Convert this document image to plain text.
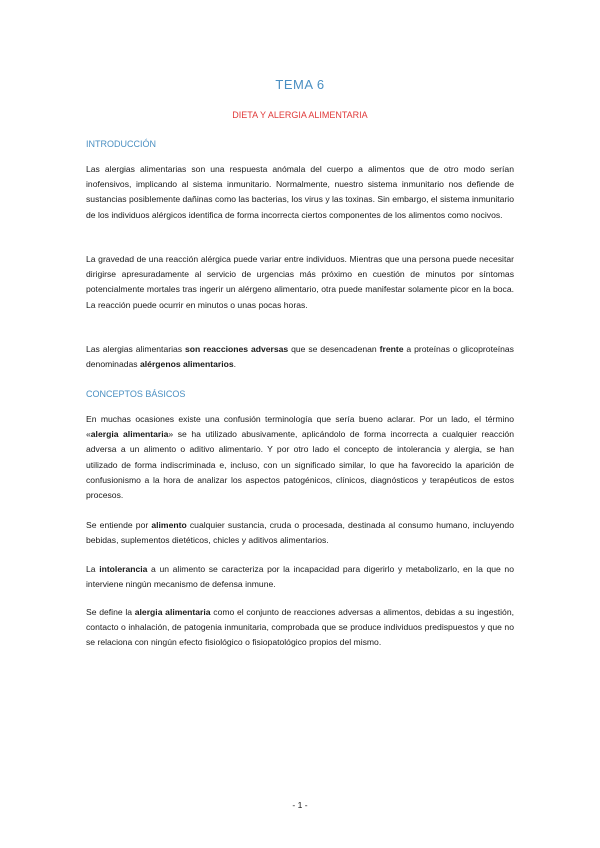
TEMA 6
DIETA Y ALERGIA ALIMENTARIA
INTRODUCCIÓN

Las alergias alimentarias son una respuesta anómala del cuerpo a alimentos que de otro modo serían inofensivos, implicando al sistema inmunitario. Normalmente, nuestro sistema inmunitario nos defiende de sustancias posiblemente dañinas como las bacterias, los virus y las toxinas. Sin embargo, el sistema inmunitario de los individuos alérgicos identifica de forma incorrecta ciertos componentes de los alimentos como nocivos.

La gravedad de una reacción alérgica puede variar entre individuos. Mientras que una persona puede necesitar dirigirse apresuradamente al servicio de urgencias más próximo en cuestión de minutos por síntomas potencialmente mortales tras ingerir un alérgeno alimentario, otra puede manifestar solamente picor en la boca. La reacción puede ocurrir en minutos o unas pocas horas.

Las alergias alimentarias son reacciones adversas que se desencadenan frente a proteínas o glicoproteínas denominadas alérgenos alimentarios.

CONCEPTOS BÁSICOS

En muchas ocasiones existe una confusión terminología que sería bueno aclarar. Por un lado, el término «alergia alimentaria» se ha utilizado abusivamente, aplicándolo de forma incorrecta a cualquier reacción adversa a un alimento o aditivo alimentario. Y por otro lado el concepto de intolerancia y alergia, se han utilizado de forma indiscriminada e, incluso, con un significado similar, lo que ha favorecido la aparición de confusionismo a la hora de analizar los aspectos patogénicos, clínicos, diagnósticos y terapéuticos de estos procesos.

Se entiende por alimento cualquier sustancia, cruda o procesada, destinada al consumo humano, incluyendo bebidas, suplementos dietéticos, chicles y aditivos alimentarios.

La intolerancia a un alimento se caracteriza por la incapacidad para digerirlo y metabolizarlo, en la que no interviene ningún mecanismo de defensa inmune.

Se define la alergia alimentaria como el conjunto de reacciones adversas a alimentos, debidas a su ingestión, contacto o inhalación, de patogenia inmunitaria, comprobada que se produce individuos predispuestos y que no se relaciona con ningún efecto fisiológico o fisiopatológico propios del mismo.

- 1 -
